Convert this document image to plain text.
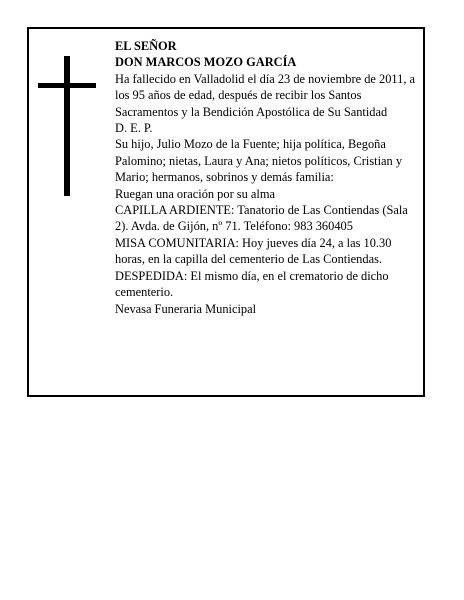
EL SEÑOR
DON MARCOS MOZO GARCÍA
Ha fallecido en Valladolid el día 23 de noviembre de 2011, a los 95 años de edad, después de recibir los Santos Sacramentos y la Bendición Apostólica de Su Santidad
D. E. P.
Su hijo, Julio Mozo de la Fuente; hija política, Begoña Palomino; nietas, Laura y Ana; nietos políticos, Cristian y Mario; hermanos, sobrinos y demás familia:
Ruegan una oración por su alma
CAPILLA ARDIENTE: Tanatorio de Las Contiendas (Sala 2). Avda. de Gijón, nº 71. Teléfono: 983 360405
MISA COMUNITARIA: Hoy jueves día 24, a las 10.30 horas, en la capilla del cementerio de Las Contiendas.
DESPEDIDA: El mismo día, en el crematorio de dicho cementerio.
Nevasa Funeraria Municipal
